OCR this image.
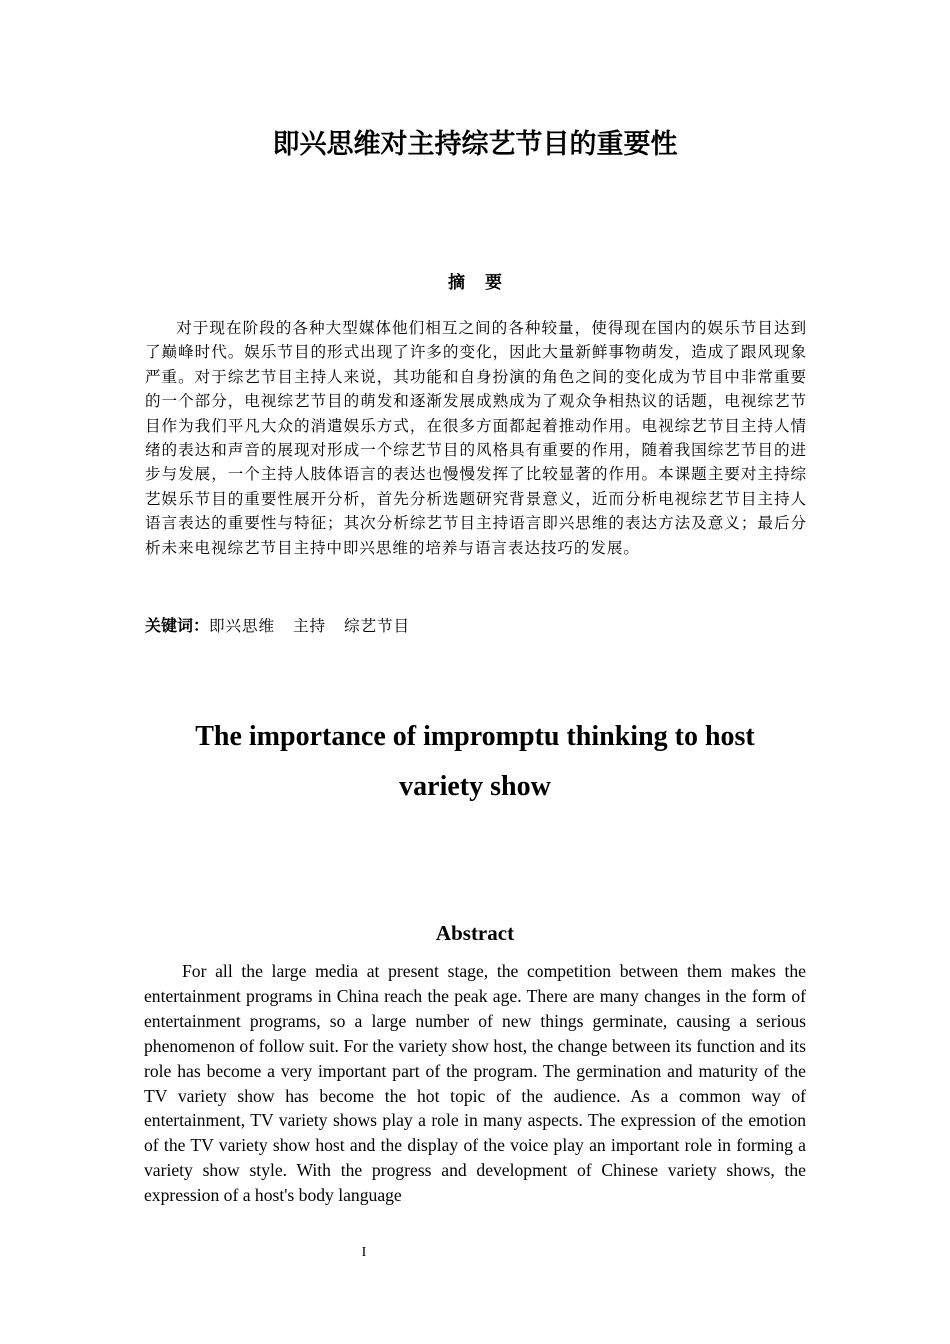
即兴思维对主持综艺节目的重要性
摘 要

对于现在阶段的各种大型媒体他们相互之间的各种较量，使得现在国内的娱乐节目达到了巅峰时代。娱乐节目的形式出现了许多的变化，因此大量新鲜事物萌发，造成了跟风现象严重。对于综艺节目主持人来说，其功能和自身扮演的角色之间的变化成为节目中非常重要的一个部分，电视综艺节目的萌发和逐渐发展成熟成为了观众争相热议的话题，电视综艺节目作为我们平凡大众的消遣娱乐方式，在很多方面都起着推动作用。电视综艺节目主持人情绪的表达和声音的展现对形成一个综艺节目的风格具有重要的作用，随着我国综艺节目的进步与发展，一个主持人肢体语言的表达也慢慢发挥了比较显著的作用。本课题主要对主持综艺娱乐节目的重要性展开分析，首先分析选题研究背景意义，近而分析电视综艺节目主持人语言表达的重要性与特征；其次分析综艺节目主持语言即兴思维的表达方法及意义；最后分析未来电视综艺节目主持中即兴思维的培养与语言表达技巧的发展。

关键词：即兴思维 主持 综艺节目
The importance of impromptu thinking to host
variety show
Abstract

For all the large media at present stage, the competition between them makes the entertainment programs in China reach the peak age. There are many changes in the form of entertainment programs, so a large number of new things germinate, causing a serious phenomenon of follow suit. For the variety show host, the change between its function and its role has become a very important part of the program. The germination and maturity of the TV variety show has become the hot topic of the audience. As a common way of entertainment, TV variety shows play a role in many aspects. The expression of the emotion of the TV variety show host and the display of the voice play an important role in forming a variety show style. With the progress and development of Chinese variety shows, the expression of a host's body language

I
